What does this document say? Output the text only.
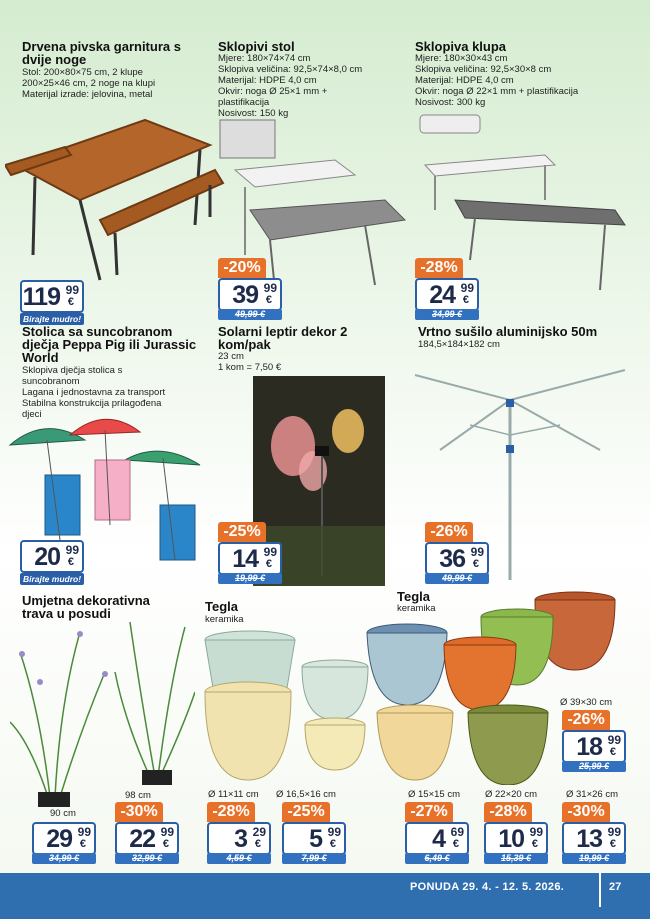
Drvena pivska garnitura s dvije noge
Stol: 200×80×75 cm, 2 klupe
200×25×46 cm, 2 noge na klupi
Materijal izrade: jelovina, metal
119 99
€
Birajte mudro!
Sklopivi stol
Mjere: 180×74×74 cm
Sklopiva veličina: 92,5×74×8,0 cm
Materijal: HDPE 4,0 cm
Okvir: noga Ø 25×1 mm +
plastifikacija
Nosivost: 150 kg
-20%
39 99
€
49,99 €
Sklopiva klupa
Mjere: 180×30×43 cm
Sklopiva veličina: 92,5×30×8 cm
Materijal: HDPE 4,0 cm
Okvir: noga Ø 22×1 mm + plastifikacija
Nosivost: 300 kg
-28%
24 99
€
34,99 €
Stolica sa suncobranom dječja Peppa Pig ili Jurassic World
Sklopiva dječja stolica s
suncobranom
Lagana i jednostavna za transport
Stabilna konstrukcija prilagođena
djeci
20 99
€
Birajte mudro!
Solarni leptir dekor 2 kom/pak
23 cm
1 kom = 7,50 €
-25%
14 99
€
19,99 €
Vrtno sušilo aluminijsko 50m
184,5×184×182 cm
-26%
36 99
€
49,99 €
Umjetna dekorativna trava u posudi
90 cm
98 cm
29 99
€
34,99 €
-30%
22 99
€
32,99 €
Tegla
keramika
Ø 11×11 cm Ø 16,5×16 cm
-28%
3 29
€
4,59 €
-25%
5 99
€
7,99 €
Tegla
keramika
Ø 39×30 cm
-26%
18 99
€
25,99 €
Ø 15×15 cm	Ø 22×20 cm	Ø 31×26 cm
-27%
4 69
€
6,49 €
-28%
10 99
€
15,39 €
-30%
13 99
€
19,99 €
PONUDA 29. 4. - 12. 5. 2026.	27
